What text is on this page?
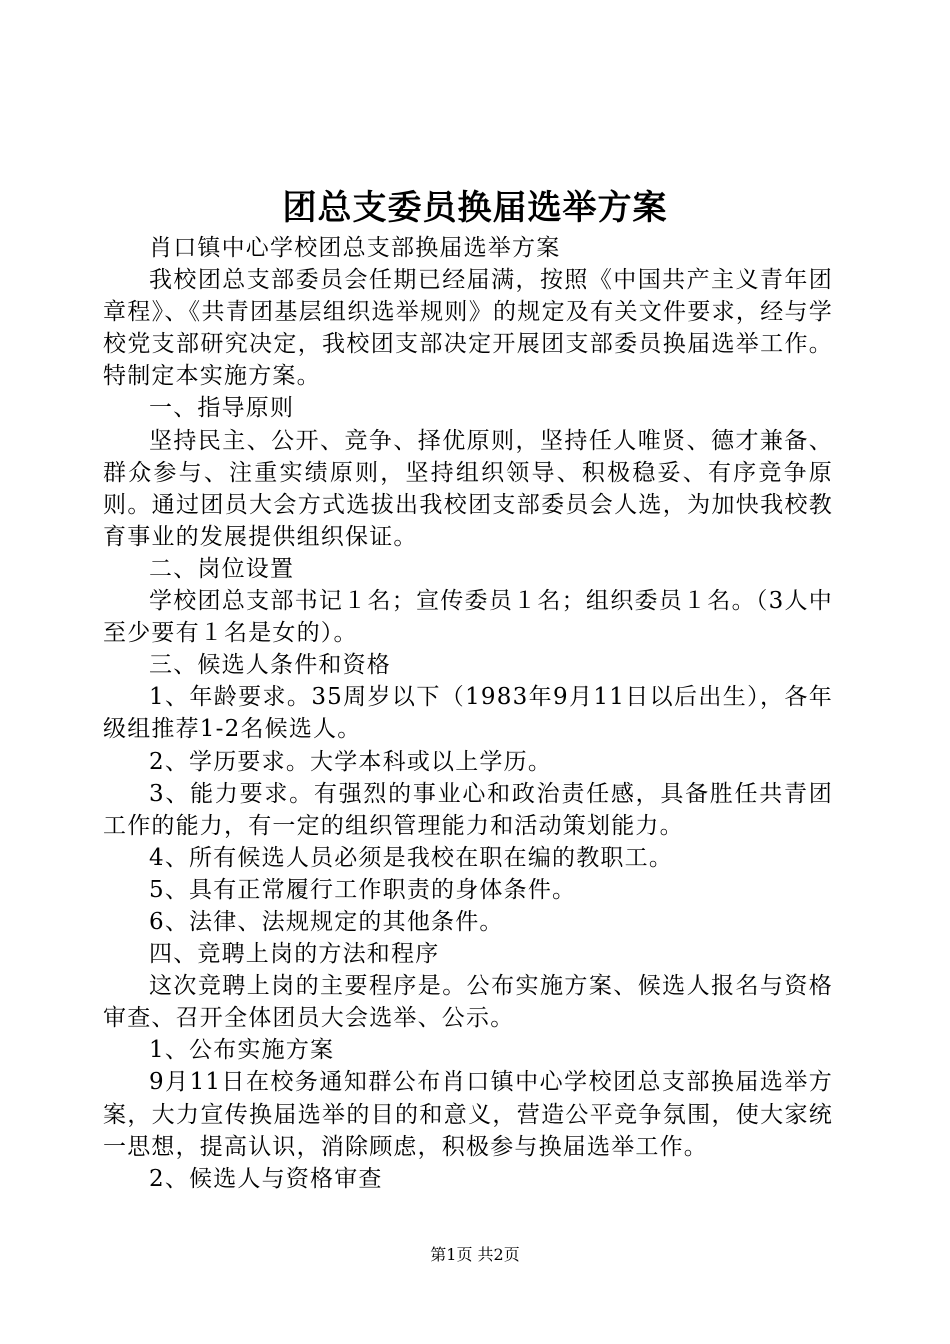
团总支委员换届选举方案

肖口镇中心学校团总支部换届选举方案

我校团总支部委员会任期已经届满，按照《中国共产主义青年团章程》、《共青团基层组织选举规则》的规定及有关文件要求，经与学校党支部研究决定，我校团支部决定开展团支部委员换届选举工作。特制定本实施方案。

一、指导原则

坚持民主、公开、竞争、择优原则，坚持任人唯贤、德才兼备、群众参与、注重实绩原则，坚持组织领导、积极稳妥、有序竞争原则。通过团员大会方式选拔出我校团支部委员会人选，为加快我校教育事业的发展提供组织保证。

二、岗位设置

学校团总支部书记１名；宣传委员１名；组织委员１名。（3人中至少要有１名是女的）。

三、候选人条件和资格

1、年龄要求。35周岁以下（1983年9月11日以后出生），各年级组推荐1-2名候选人。

2、学历要求。大学本科或以上学历。

3、能力要求。有强烈的事业心和政治责任感，具备胜任共青团工作的能力，有一定的组织管理能力和活动策划能力。

4、所有候选人员必须是我校在职在编的教职工。

5、具有正常履行工作职责的身体条件。

6、法律、法规规定的其他条件。

四、竞聘上岗的方法和程序

这次竞聘上岗的主要程序是。公布实施方案、候选人报名与资格审查、召开全体团员大会选举、公示。

1、公布实施方案

9月11日在校务通知群公布肖口镇中心学校团总支部换届选举方案，大力宣传换届选举的目的和意义，营造公平竞争氛围，使大家统一思想，提高认识，消除顾虑，积极参与换届选举工作。

2、候选人与资格审查

第1页 共2页
